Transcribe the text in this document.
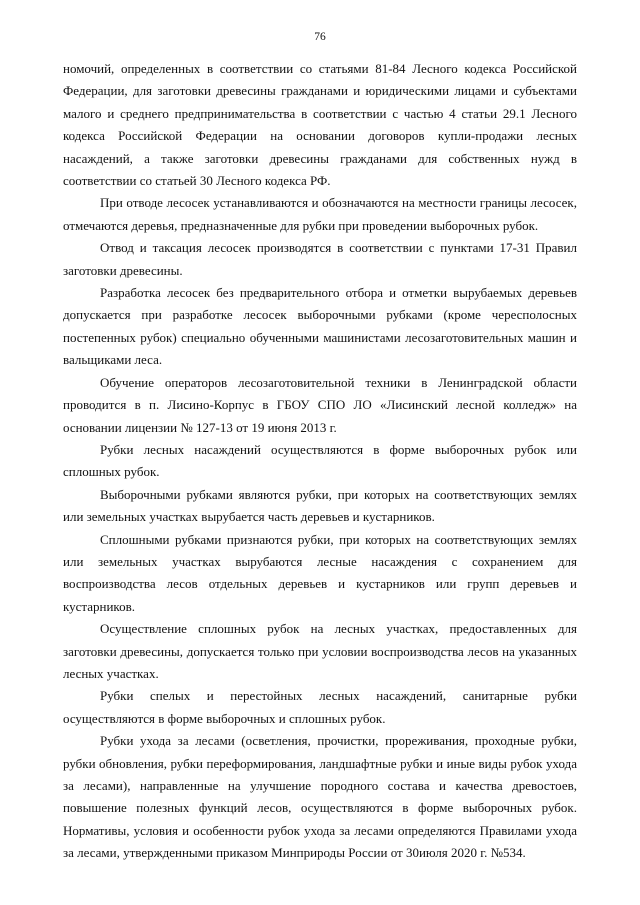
76

номочий, определенных в соответствии со статьями 81-84 Лесного кодекса Российской Федерации, для заготовки древесины гражданами и юридическими лицами и субъектами малого и среднего предпринимательства в соответствии с частью 4 статьи 29.1 Лесного кодекса Российской Федерации на основании договоров купли-продажи лесных насаждений, а также заготовки древесины гражданами для собственных нужд в соответствии со статьей 30 Лесного кодекса РФ.

При отводе лесосек устанавливаются и обозначаются на местности границы лесосек, отмечаются деревья, предназначенные для рубки при проведении выборочных рубок.

Отвод и таксация лесосек производятся в соответствии с пунктами 17-31 Правил заготовки древесины.

Разработка лесосек без предварительного отбора и отметки вырубаемых деревьев допускается при разработке лесосек выборочными рубками (кроме чересполосных постепенных рубок) специально обученными машинистами лесозаготовительных машин и вальщиками леса.

Обучение операторов лесозаготовительной техники в Ленинградской области проводится в п. Лисино-Корпус в ГБОУ СПО ЛО «Лисинский лесной колледж» на основании лицензии № 127-13 от 19 июня 2013 г.

Рубки лесных насаждений осуществляются в форме выборочных рубок или сплошных рубок.

Выборочными рубками являются рубки, при которых на соответствующих землях или земельных участках вырубается часть деревьев и кустарников.

Сплошными рубками признаются рубки, при которых на соответствующих землях или земельных участках вырубаются лесные насаждения с сохранением для воспроизводства лесов отдельных деревьев и кустарников или групп деревьев и кустарников.

Осуществление сплошных рубок на лесных участках, предоставленных для заготовки древесины, допускается только при условии воспроизводства лесов на указанных лесных участках.

Рубки спелых и перестойных лесных насаждений, санитарные рубки осуществляются в форме выборочных и сплошных рубок.

Рубки ухода за лесами (осветления, прочистки, прореживания, проходные рубки, рубки обновления, рубки переформирования, ландшафтные рубки и иные виды рубок ухода за лесами), направленные на улучшение породного состава и качества древостоев, повышение полезных функций лесов, осуществляются в форме выборочных рубок. Нормативы, условия и особенности рубок ухода за лесами определяются Правилами ухода за лесами, утвержденными приказом Минприроды России от 30июля 2020 г. №534.
